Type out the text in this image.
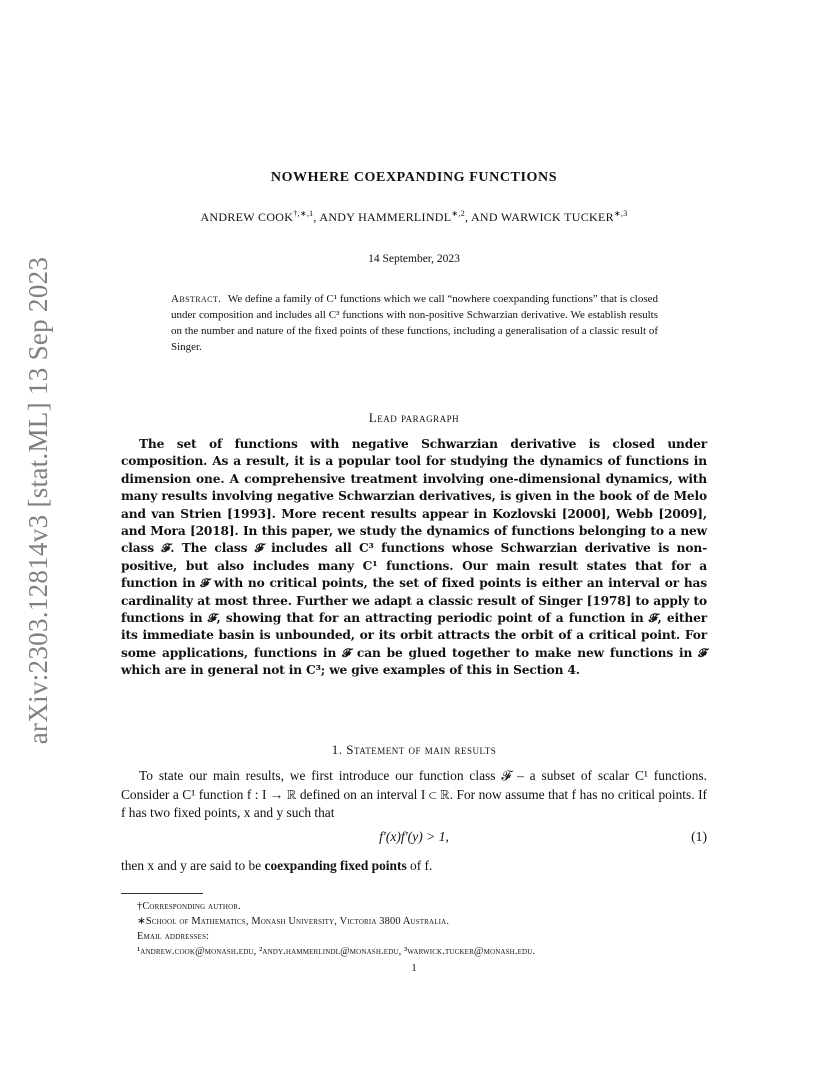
arXiv:2303.12814v3 [stat.ML] 13 Sep 2023
NOWHERE COEXPANDING FUNCTIONS
ANDREW $COOK^{\dagger,∗,1}$, ANDY $HAMMERLINDL^{∗,2}$, AND WARWICK $TUCKER^{∗,3}$
14 September, 2023
Abstract. We define a family of C¹ functions which we call “nowhere coexpanding functions” that is closed under composition and includes all C³ functions with non-positive Schwarzian derivative. We establish results on the number and nature of the fixed points of these functions, including a generalisation of a classic result of Singer.
Lead paragraph
The set of functions with negative Schwarzian derivative is closed under composition. As a result, it is a popular tool for studying the dynamics of functions in dimension one. A comprehensive treatment involving one-dimensional dynamics, with many results involving negative Schwarzian derivatives, is given in the book of de Melo and van Strien [1993]. More recent results appear in Kozlovski [2000], Webb [2009], and Mora [2018]. In this paper, we study the dynamics of functions belonging to a new class 𝓕. The class 𝓕 includes all C³ functions whose Schwarzian derivative is non-positive, but also includes many C¹ functions. Our main result states that for a function in 𝓕 with no critical points, the set of fixed points is either an interval or has cardinality at most three. Further we adapt a classic result of Singer [1978] to apply to functions in 𝓕, showing that for an attracting periodic point of a function in 𝓕, either its immediate basin is unbounded, or its orbit attracts the orbit of a critical point. For some applications, functions in 𝓕 can be glued together to make new functions in 𝓕 which are in general not in C³; we give examples of this in Section 4.
1. Statement of main results
To state our main results, we first introduce our function class 𝓕 – a subset of scalar C¹ functions. Consider a C¹ function f : I → ℝ defined on an interval I ⊂ ℝ. For now assume that f has no critical points. If f has two fixed points, x and y such that
f′(x)f′(y) > 1,	(1)
then x and y are said to be coexpanding fixed points of f.
†Corresponding author.
∗School of Mathematics, Monash University, Victoria 3800 Australia.
Email addresses:
¹andrew.cook@monash.edu, ²andy.hammerlindl@monash.edu, ³warwick.tucker@monash.edu.
1
